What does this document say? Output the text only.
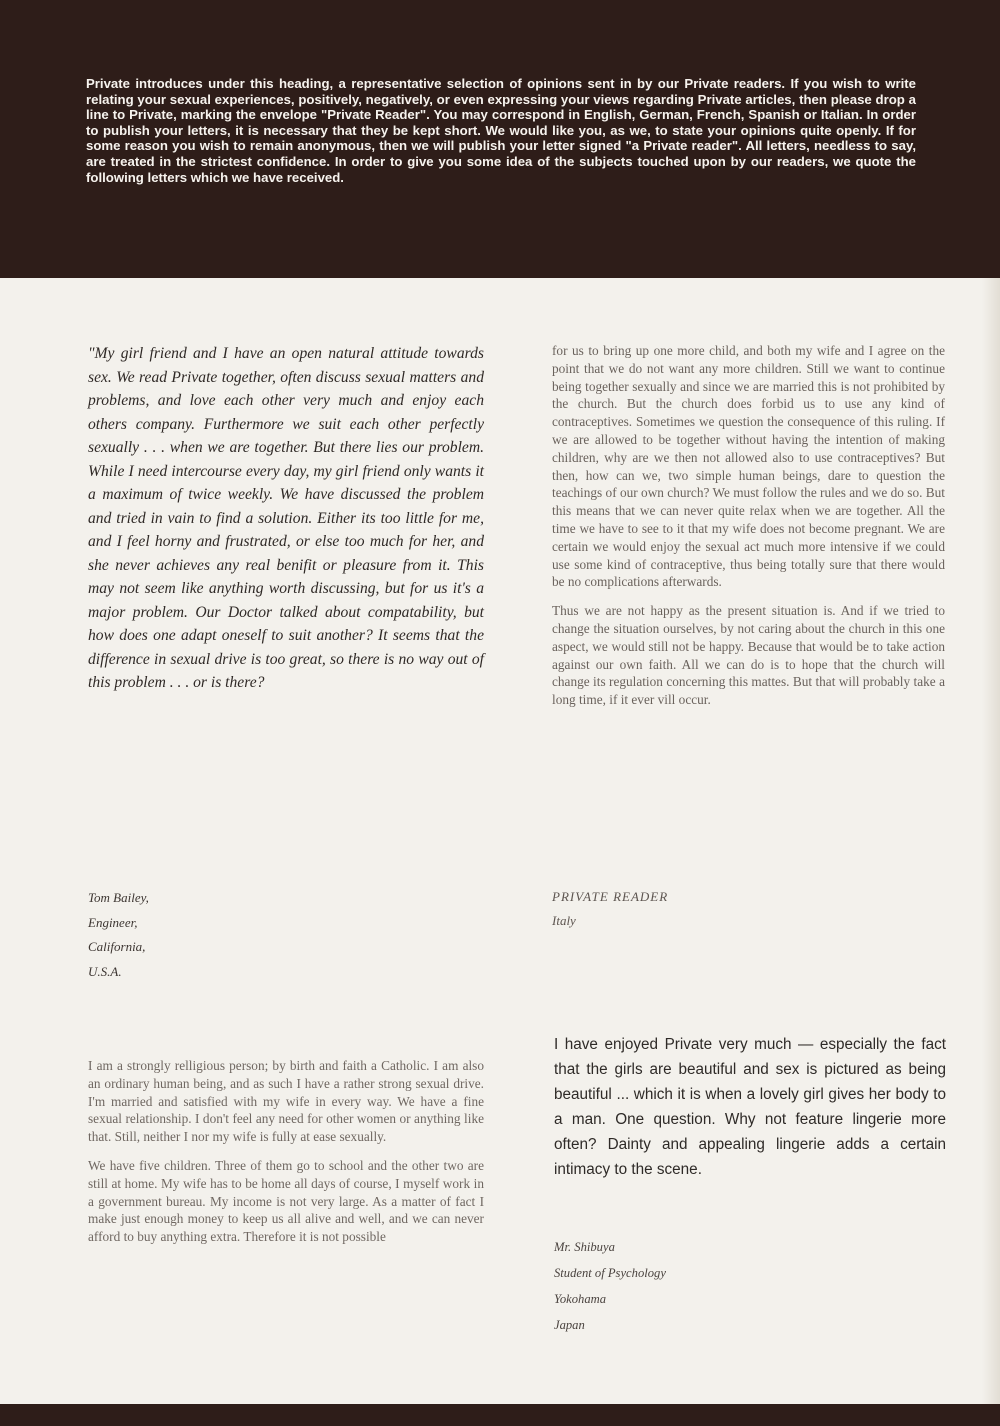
Private introduces under this heading, a representative selection of opinions sent in by our Private readers. If you wish to write relating your sexual experiences, positively, negatively, or even expressing your views regarding Private articles, then please drop a line to Private, marking the envelope "Private Reader". You may correspond in English, German, French, Spanish or Italian. In order to publish your letters, it is necessary that they be kept short. We would like you, as we, to state your opinions quite openly. If for some reason you wish to remain anonymous, then we will publish your letter signed "a Private reader". All letters, needless to say, are treated in the strictest confidence. In order to give you some idea of the subjects touched upon by our readers, we quote the following letters which we have received.

"My girl friend and I have an open natural attitude towards sex. We read Private together, often discuss sexual matters and problems, and love each other very much and enjoy each others company. Furthermore we suit each other perfectly sexually . . . when we are together. But there lies our problem. While I need intercourse every day, my girl friend only wants it a maximum of twice weekly. We have discussed the problem and tried in vain to find a solution. Either its too little for me, and I feel horny and frustrated, or else too much for her, and she never achieves any real benifit or pleasure from it. This may not seem like anything worth discussing, but for us it's a major problem. Our Doctor talked about compatability, but how does one adapt oneself to suit another? It seems that the difference in sexual drive is too great, so there is no way out of this problem . . . or is there?

Tom Bailey,
Engineer,
California,
U.S.A.

for us to bring up one more child, and both my wife and I agree on the point that we do not want any more children. Still we want to continue being together sexually and since we are married this is not prohibited by the church. But the church does forbid us to use any kind of contraceptives. Sometimes we question the consequence of this ruling. If we are allowed to be together without having the intention of making children, why are we then not allowed also to use contraceptives? But then, how can we, two simple human beings, dare to question the teachings of our own church? We must follow the rules and we do so. But this means that we can never quite relax when we are together. All the time we have to see to it that my wife does not become pregnant. We are certain we would enjoy the sexual act much more intensive if we could use some kind of contraceptive, thus being totally sure that there would be no complications afterwards.

Thus we are not happy as the present situation is. And if we tried to change the situation ourselves, by not caring about the church in this one aspect, we would still not be happy. Because that would be to take action against our own faith. All we can do is to hope that the church will change its regulation concerning this mattes. But that will probably take a long time, if it ever vill occur.

PRIVATE READER
Italy

I am a strongly relligious person; by birth and faith a Catholic. I am also an ordinary human being, and as such I have a rather strong sexual drive. I'm married and satisfied with my wife in every way. We have a fine sexual relationship. I don't feel any need for other women or anything like that. Still, neither I nor my wife is fully at ease sexually.

We have five children. Three of them go to school and the other two are still at home. My wife has to be home all days of course, I myself work in a government bureau. My income is not very large. As a matter of fact I make just enough money to keep us all alive and well, and we can never afford to buy anything extra. Therefore it is not possible

I have enjoyed Private very much — especially the fact that the girls are beautiful and sex is pictured as being beautiful ... which it is when a lovely girl gives her body to a man. One question. Why not feature lingerie more often? Dainty and appealing lingerie adds a certain intimacy to the scene.

Mr. Shibuya
Student of Psychology
Yokohama
Japan
